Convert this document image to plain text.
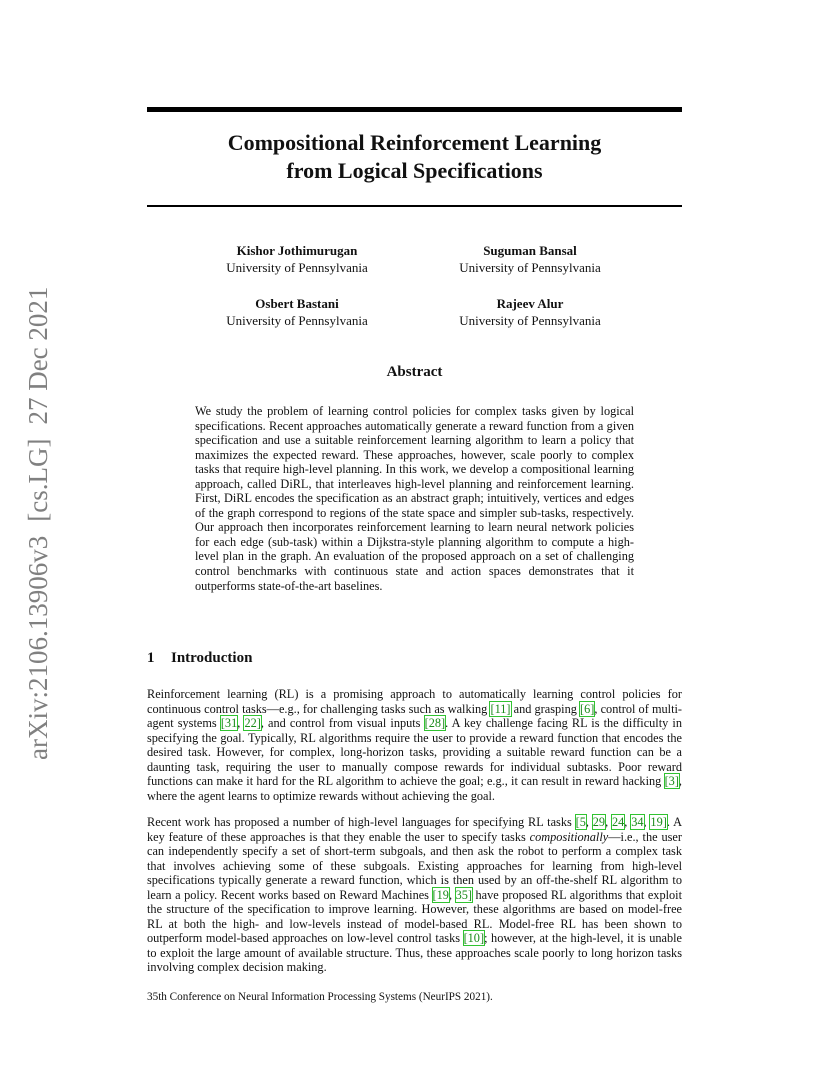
arXiv:2106.13906v3[cs.LG]27 Dec 2021
Compositional Reinforcement Learning
from Logical Specifications
Kishor Jothimurugan
University of Pennsylvania
Suguman Bansal
University of Pennsylvania
Osbert Bastani
University of Pennsylvania
Rajeev Alur
University of Pennsylvania
Abstract

We study the problem of learning control policies for complex tasks given by logical specifications. Recent approaches automatically generate a reward function from a given specification and use a suitable reinforcement learning algorithm to learn a policy that maximizes the expected reward. These approaches, however, scale poorly to complex tasks that require high-level planning. In this work, we develop a compositional learning approach, called DiRL, that interleaves high-level planning and reinforcement learning. First, DiRL encodes the specification as an abstract graph; intuitively, vertices and edges of the graph correspond to regions of the state space and simpler sub-tasks, respectively. Our approach then incorporates reinforcement learning to learn neural network policies for each edge (sub-task) within a Dijkstra-style planning algorithm to compute a high-level plan in the graph. An evaluation of the proposed approach on a set of challenging control benchmarks with continuous state and action spaces demonstrates that it outperforms state-of-the-art baselines.

1 Introduction

Reinforcement learning (RL) is a promising approach to automatically learning control policies for continuous control tasks—e.g., for challenging tasks such as walking [11] and grasping [6], control of multi-agent systems [31, 22], and control from visual inputs [28]. A key challenge facing RL is the difficulty in specifying the goal. Typically, RL algorithms require the user to provide a reward function that encodes the desired task. However, for complex, long-horizon tasks, providing a suitable reward function can be a daunting task, requiring the user to manually compose rewards for individual subtasks. Poor reward functions can make it hard for the RL algorithm to achieve the goal; e.g., it can result in reward hacking [3], where the agent learns to optimize rewards without achieving the goal.

Recent work has proposed a number of high-level languages for specifying RL tasks [5, 29, 24, 34, 19]. A key feature of these approaches is that they enable the user to specify tasks compositionally—i.e., the user can independently specify a set of short-term subgoals, and then ask the robot to perform a complex task that involves achieving some of these subgoals. Existing approaches for learning from high-level specifications typically generate a reward function, which is then used by an off-the-shelf RL algorithm to learn a policy. Recent works based on Reward Machines [19, 35] have proposed RL algorithms that exploit the structure of the specification to improve learning. However, these algorithms are based on model-free RL at both the high- and low-levels instead of model-based RL. Model-free RL has been shown to outperform model-based approaches on low-level control tasks [10]; however, at the high-level, it is unable to exploit the large amount of available structure. Thus, these approaches scale poorly to long horizon tasks involving complex decision making.

35th Conference on Neural Information Processing Systems (NeurIPS 2021).
